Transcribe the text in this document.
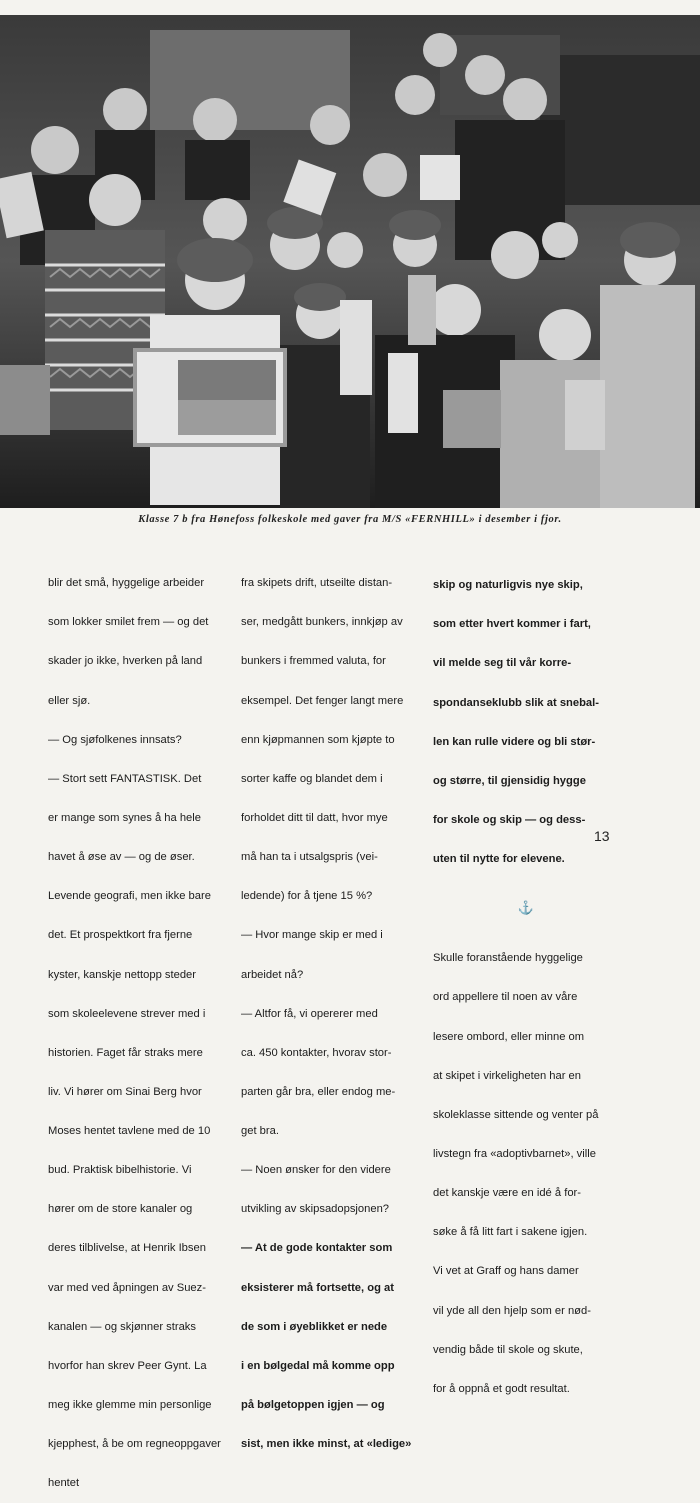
Klasse 7 b fra Hønefoss folkeskole med gaver fra M/S «FERNHILL» i desember i fjor.

blir det små, hyggelige arbeider

som lokker smilet frem — og det

skader jo ikke, hverken på land

eller sjø.

— Og sjøfolkenes innsats?

— Stort sett FANTASTISK. Det

er mange som synes å ha hele

havet å øse av — og de øser.

Levende geografi, men ikke bare

det. Et prospektkort fra fjerne

kyster, kanskje nettopp steder

som skoleelevene strever med i

historien. Faget får straks mere

liv. Vi hører om Sinai Berg hvor

Moses hentet tavlene med de 10

bud. Praktisk bibelhistorie. Vi

hører om de store kanaler og

deres tilblivelse, at Henrik Ibsen

var med ved åpningen av Suez-

kanalen — og skjønner straks

hvorfor han skrev Peer Gynt. La

meg ikke glemme min personlige

kjepphest, å be om regneoppgaver

hentet

fra skipets drift, utseilte distan-

ser, medgått bunkers, innkjøp av

bunkers i fremmed valuta, for

eksempel. Det fenger langt mere

enn kjøpmannen som kjøpte to

sorter kaffe og blandet dem i

forholdet ditt til datt, hvor mye

må han ta i utsalgspris (vei-

ledende) for å tjene 15 %?

— Hvor mange skip er med i

arbeidet nå?

— Altfor få, vi opererer med

ca. 450 kontakter, hvorav stor-

parten går bra, eller endog me-

get bra.

— Noen ønsker for den videre

utvikling av skipsadopsjonen?

— At de gode kontakter som

eksisterer må fortsette, og at

de som i øyeblikket er nede

i en bølgedal må komme opp

på bølgetoppen igjen — og

sist, men ikke minst, at «ledige»

skip og naturligvis nye skip,

som etter hvert kommer i fart,

vil melde seg til vår korre-

spondanseklubb slik at snebal-

len kan rulle videre og bli stør-

og større, til gjensidig hygge

for skole og skip — og dess-

uten til nytte for elevene.

⚓

Skulle foranstående hyggelige

ord appellere til noen av våre

lesere ombord, eller minne om

at skipet i virkeligheten har en

skoleklasse sittende og venter på

livstegn fra «adoptivbarnet», ville

det kanskje være en idé å for-

søke å få litt fart i sakene igjen.

Vi vet at Graff og hans damer

vil yde all den hjelp som er nød-

vendig både til skole og skute,

for å oppnå et godt resultat.

13
